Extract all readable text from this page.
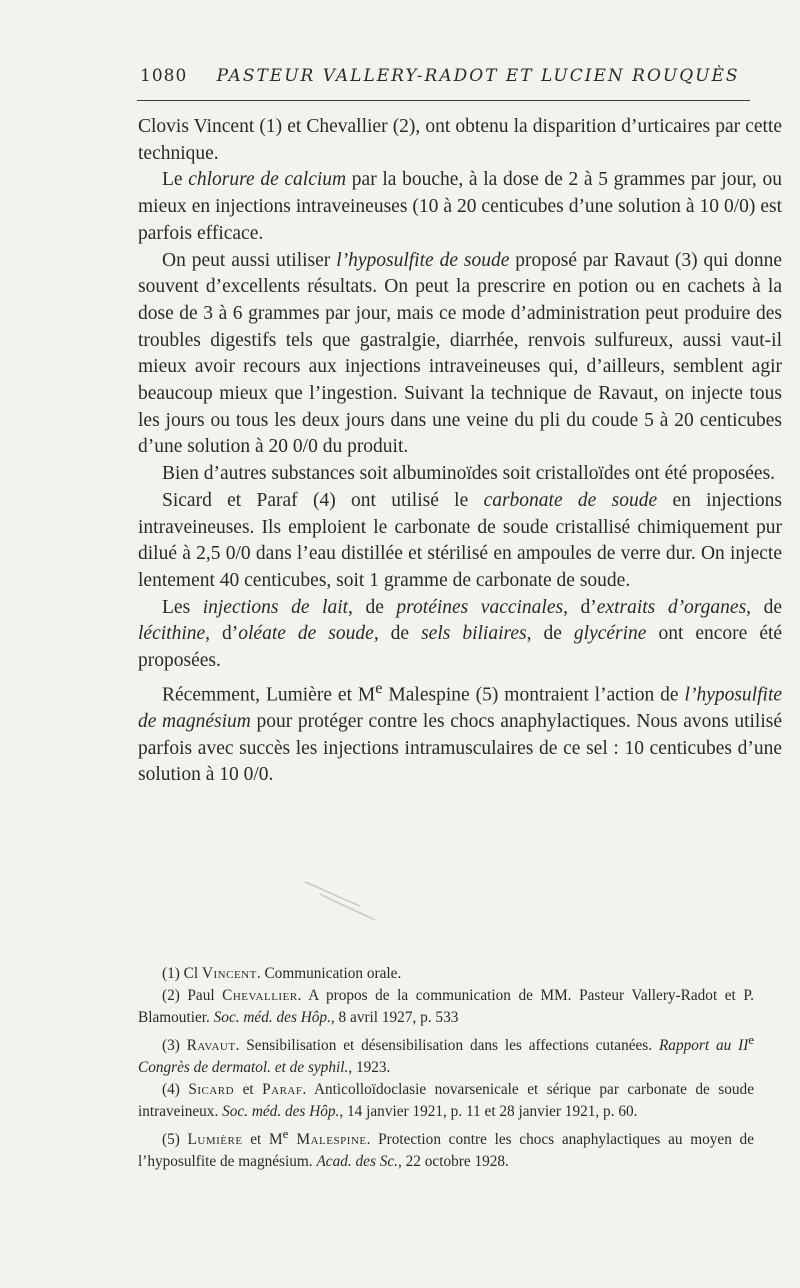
1080 PASTEUR VALLERY-RADOT ET LUCIEN ROUQUÈS

Clovis Vincent (1) et Chevallier (2), ont obtenu la disparition d’urticaires par cette technique.

Le chlorure de calcium par la bouche, à la dose de 2 à 5 grammes par jour, ou mieux en injections intraveineuses (10 à 20 centicubes d’une solution à 10 0/0) est parfois efficace.

On peut aussi utiliser l’hyposulfite de soude proposé par Ravaut (3) qui donne souvent d’excellents résultats. On peut la prescrire en potion ou en cachets à la dose de 3 à 6 grammes par jour, mais ce mode d’administration peut produire des troubles digestifs tels que gastralgie, diarrhée, renvois sulfureux, aussi vaut-il mieux avoir recours aux injections intraveineuses qui, d’ailleurs, semblent agir beaucoup mieux que l’ingestion. Suivant la technique de Ravaut, on injecte tous les jours ou tous les deux jours dans une veine du pli du coude 5 à 20 centicubes d’une solution à 20 0/0 du produit.

Bien d’autres substances soit albuminoïdes soit cristalloïdes ont été proposées.

Sicard et Paraf (4) ont utilisé le carbonate de soude en injections intraveineuses. Ils emploient le carbonate de soude cristallisé chimiquement pur dilué à 2,5 0/0 dans l’eau distillée et stérilisé en ampoules de verre dur. On injecte lentement 40 centicubes, soit 1 gramme de carbonate de soude.

Les injections de lait, de protéines vaccinales, d’extraits d’organes, de lécithine, d’oléate de soude, de sels biliaires, de glycérine ont encore été proposées.

Récemment, Lumière et Me Malespine (5) montraient l’action de l’hyposulfite de magnésium pour protéger contre les chocs anaphylactiques. Nous avons utilisé parfois avec succès les injections intramusculaires de ce sel : 10 centicubes d’une solution à 10 0/0.

(1) Cl Vincent. Communication orale.

(2) Paul Chevallier. A propos de la communication de MM. Pasteur Vallery-Radot et P. Blamoutier. Soc. méd. des Hôp., 8 avril 1927, p. 533

(3) Ravaut. Sensibilisation et désensibilisation dans les affections cutanées. Rapport au IIe Congrès de dermatol. et de syphil., 1923.

(4) Sicard et Paraf. Anticolloïdoclasie novarsenicale et sérique par carbonate de soude intraveineux. Soc. méd. des Hôp., 14 janvier 1921, p. 11 et 28 janvier 1921, p. 60.

(5) Lumière et Me Malespine. Protection contre les chocs anaphylactiques au moyen de l’hyposulfite de magnésium. Acad. des Sc., 22 octobre 1928.
